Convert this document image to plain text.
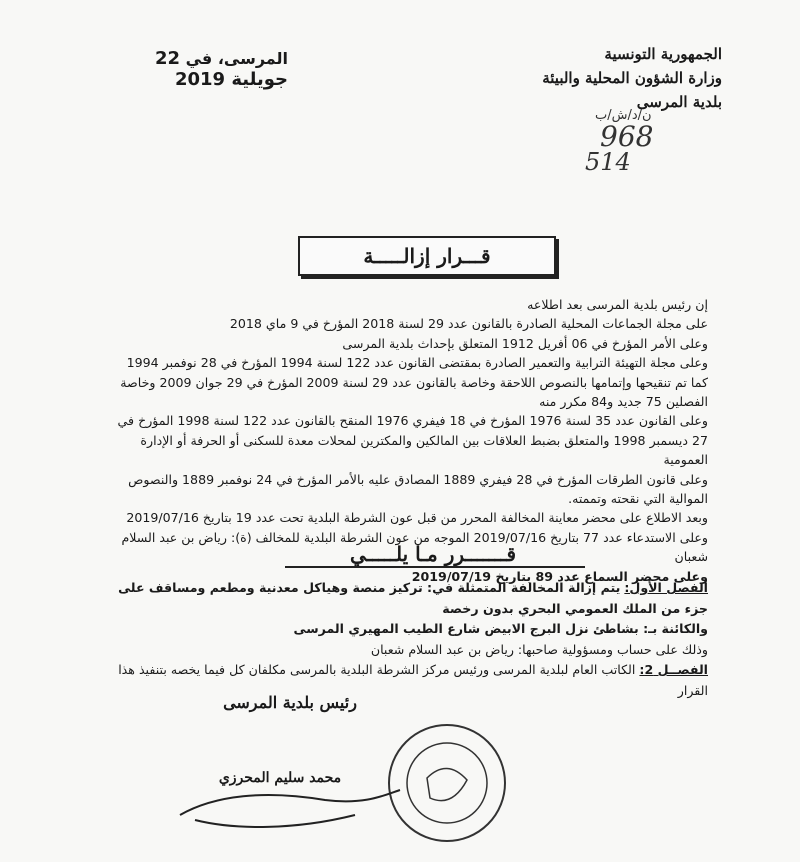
الجمهورية التونسية
وزارة الشؤون المحلية والبيئة
بلدية المرسى
المرسى، في 22 جويلية 2019
ن/د/ش/ب
968
514
قـــرار إزالـــــة

إن رئيس بلدية المرسى بعد اطلاعه

على مجلة الجماعات المحلية الصادرة بالقانون عدد 29 لسنة 2018 المؤرخ في 9 ماي 2018

وعلى الأمر المؤرخ في 06 أفريل 1912 المتعلق بإحداث بلدية المرسى

وعلى مجلة التهيئة الترابية والتعمير الصادرة بمقتضى القانون عدد 122 لسنة 1994 المؤرخ في 28 نوفمبر 1994 كما تم تنقيحها وإتمامها بالنصوص اللاحقة وخاصة بالقانون عدد 29 لسنة 2009 المؤرخ في 29 جوان 2009 وخاصة الفصلين 75 جديد و84 مكرر منه

وعلى القانون عدد 35 لسنة 1976 المؤرخ في 18 فيفري 1976 المنقح بالقانون عدد 122 لسنة 1998 المؤرخ في 27 ديسمبر 1998 والمتعلق بضبط العلاقات بين المالكين والمكترين لمحلات معدة للسكنى أو الحرفة أو الإدارة العمومية

وعلى قانون الطرقات المؤرخ في 28 فيفري 1889 المصادق عليه بالأمر المؤرخ في 24 نوفمبر 1889 والنصوص الموالية التي نقحته وتممته.

وبعد الاطلاع على محضر معاينة المخالفة المحرر من قبل عون الشرطة البلدية تحت عدد 19 بتاريخ 2019/07/16

وعلى الاستدعاء عدد 77 بتاريخ 2019/07/16 الموجه من عون الشرطة البلدية للمخالف (ة): رياض بن عبد السلام شعبان

وعلى محضر السماع عدد 89 بتاريخ 2019/07/19

قـــــــرر مـا يلـــــي

الفصل الأول: يتم إزالة المخالفة المتمثلة في: تركيز منصة وهياكل معدنية ومطعم ومساقف على جزء من الملك العمومي البحري بدون رخصة

والكائنة بـ: بشاطئ نزل البرج الابيض شارع الطيب المهيري المرسى

وذلك على حساب ومسؤولية صاحبها: رياض بن عبد السلام شعبان

الفصــل 2: الكاتب العام لبلدية المرسى ورئيس مركز الشرطة البلدية بالمرسى مكلفان كل فيما يخصه بتنفيذ هذا القرار

رئيس بلدية المرسى
محمد سليم المحرزي
